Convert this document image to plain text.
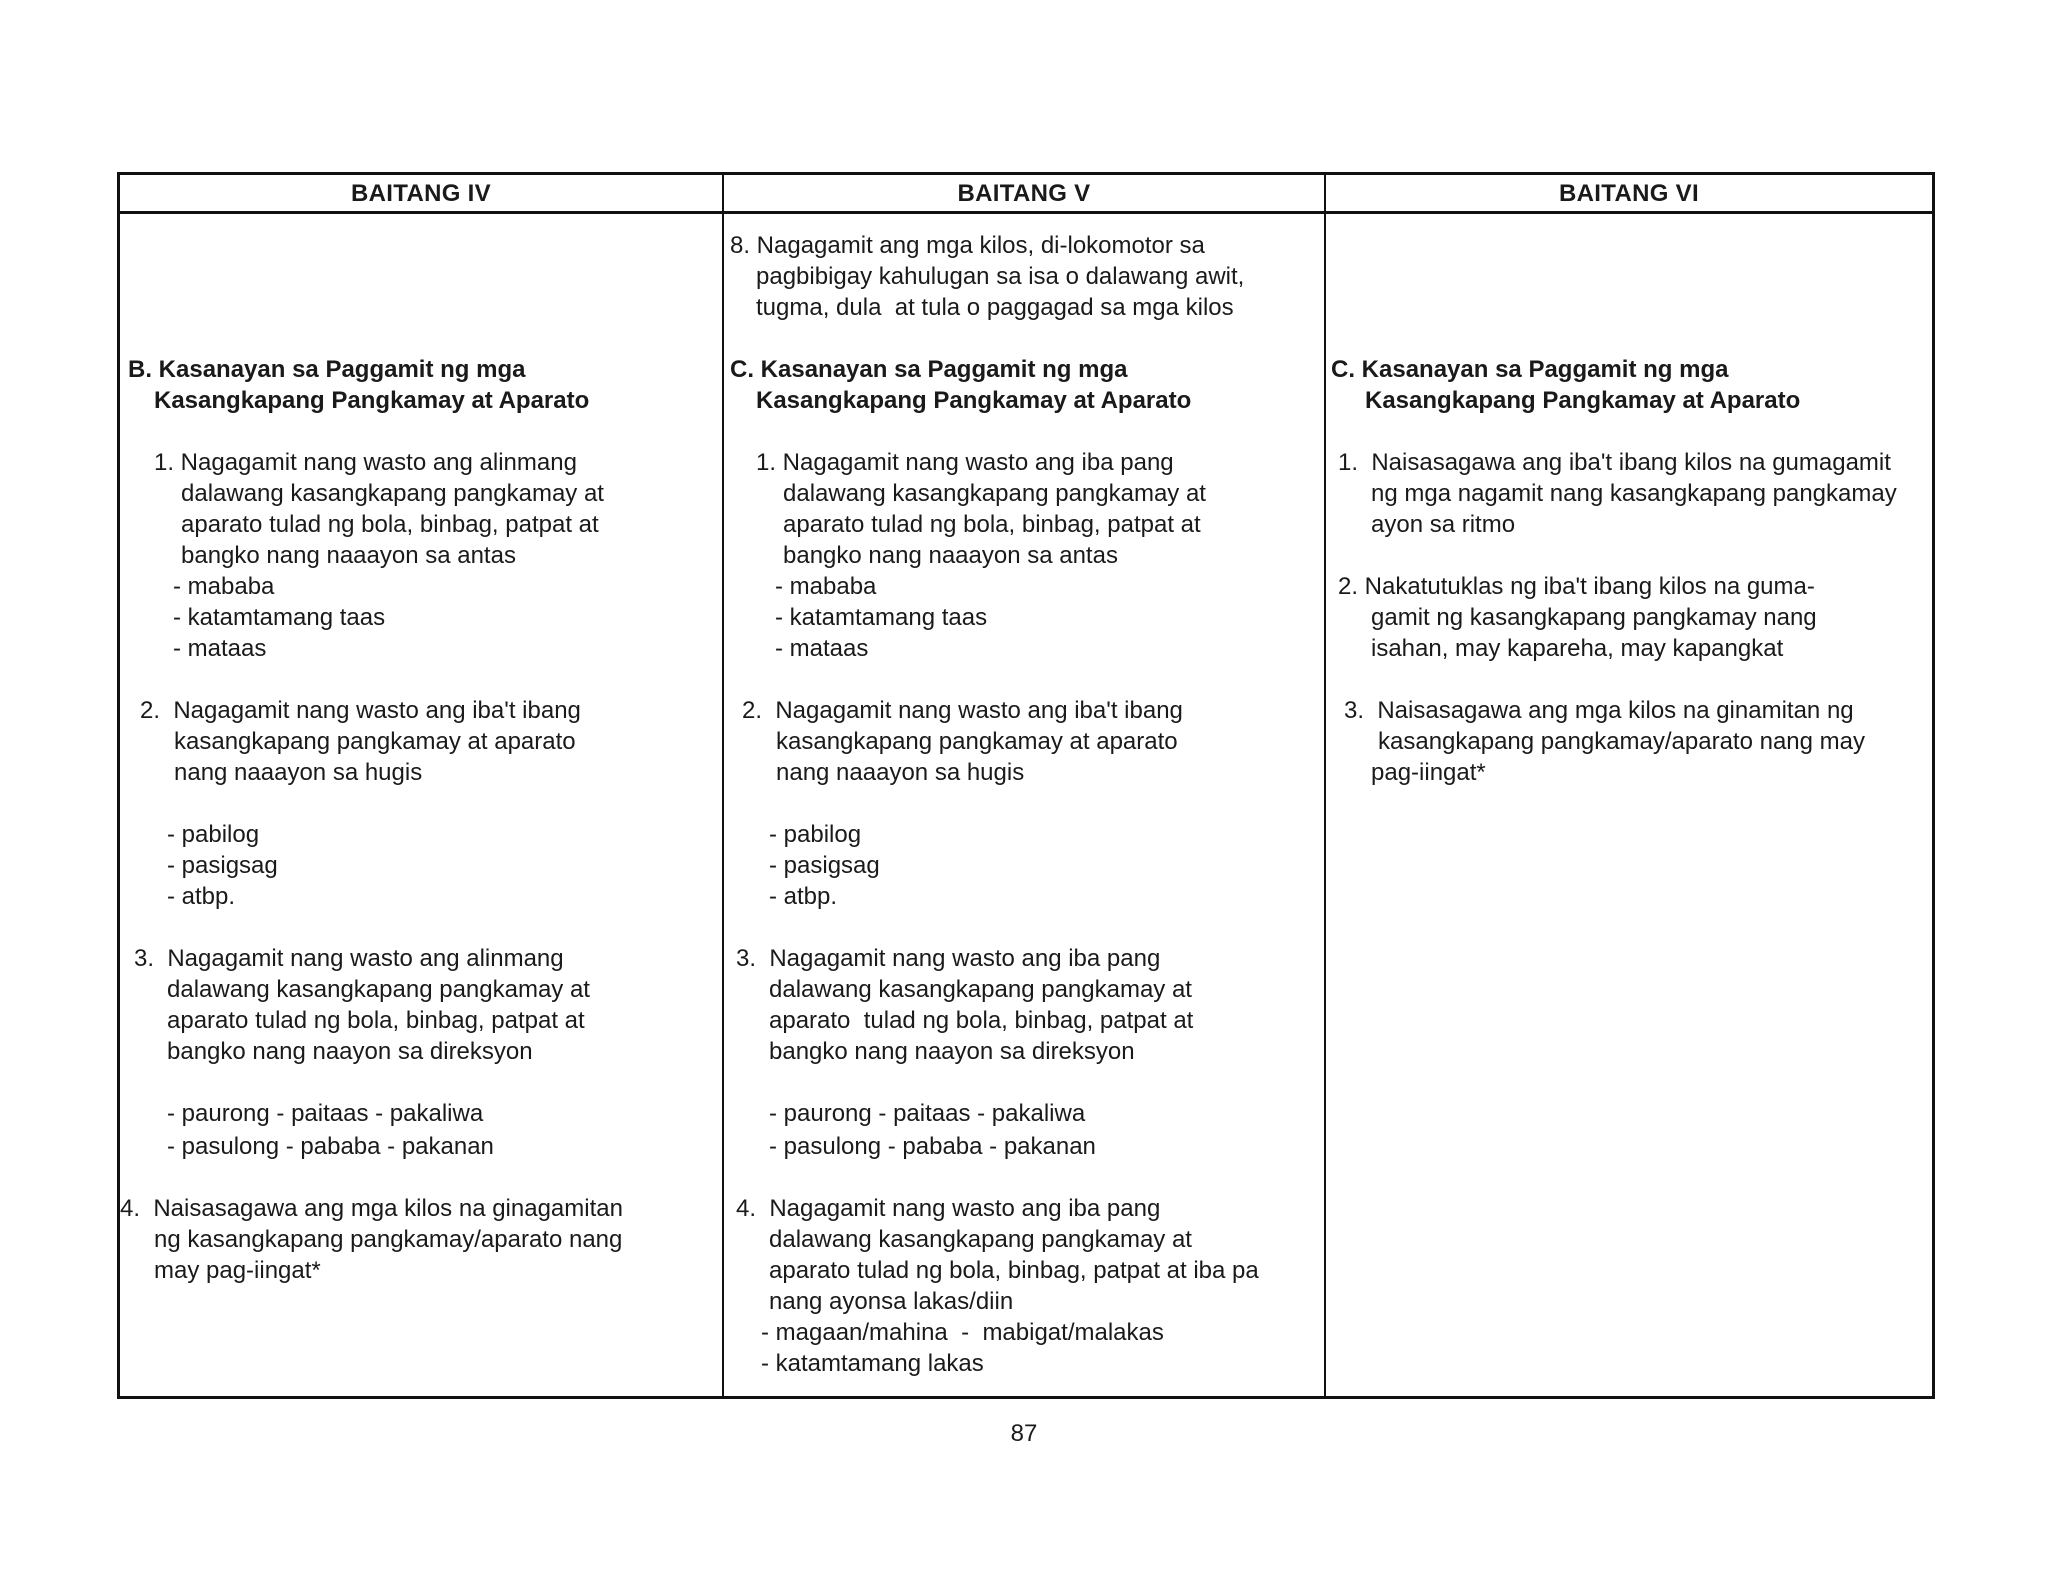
BAITANG IV	BAITANG V	BAITANG VI
B. Kasanayan sa Paggamit ng mga
Kasangkapang Pangkamay at Aparato
1. Nagagamit nang wasto ang alinmang
dalawang kasangkapang pangkamay at
aparato tulad ng bola, binbag, patpat at
bangko nang naaayon sa antas
- mababa
- katamtamang taas
- mataas
2.  Nagagamit nang wasto ang iba't ibang
kasangkapang pangkamay at aparato
nang naaayon sa hugis
- pabilog
- pasigsag
- atbp.
3.  Nagagamit nang wasto ang alinmang
dalawang kasangkapang pangkamay at
aparato tulad ng bola, binbag, patpat at
bangko nang naayon sa direksyon
- paurong - paitaas - pakaliwa
- pasulong - pababa - pakanan
4.  Naisasagawa ang mga kilos na ginagamitan
ng kasangkapang pangkamay/aparato nang
may pag-iingat*
8. Nagagamit ang mga kilos, di-lokomotor sa
pagbibigay kahulugan sa isa o dalawang awit,
tugma, dula  at tula o paggagad sa mga kilos
C. Kasanayan sa Paggamit ng mga
Kasangkapang Pangkamay at Aparato
1. Nagagamit nang wasto ang iba pang
dalawang kasangkapang pangkamay at
aparato tulad ng bola, binbag, patpat at
bangko nang naaayon sa antas
- mababa
- katamtamang taas
- mataas
2.  Nagagamit nang wasto ang iba't ibang
kasangkapang pangkamay at aparato
nang naaayon sa hugis
- pabilog
- pasigsag
- atbp.
3.  Nagagamit nang wasto ang iba pang
dalawang kasangkapang pangkamay at
aparato  tulad ng bola, binbag, patpat at
bangko nang naayon sa direksyon
- paurong - paitaas - pakaliwa
- pasulong - pababa - pakanan
4.  Nagagamit nang wasto ang iba pang
dalawang kasangkapang pangkamay at
aparato tulad ng bola, binbag, patpat at iba pa
nang ayonsa lakas/diin
- magaan/mahina  -  mabigat/malakas
- katamtamang lakas
C. Kasanayan sa Paggamit ng mga
Kasangkapang Pangkamay at Aparato
1.  Naisasagawa ang iba't ibang kilos na gumagamit
ng mga nagamit nang kasangkapang pangkamay
ayon sa ritmo
2. Nakatutuklas ng iba't ibang kilos na guma-
gamit ng kasangkapang pangkamay nang
isahan, may kapareha, may kapangkat
3.  Naisasagawa ang mga kilos na ginamitan ng
kasangkapang pangkamay/aparato nang may
pag-iingat*
87
